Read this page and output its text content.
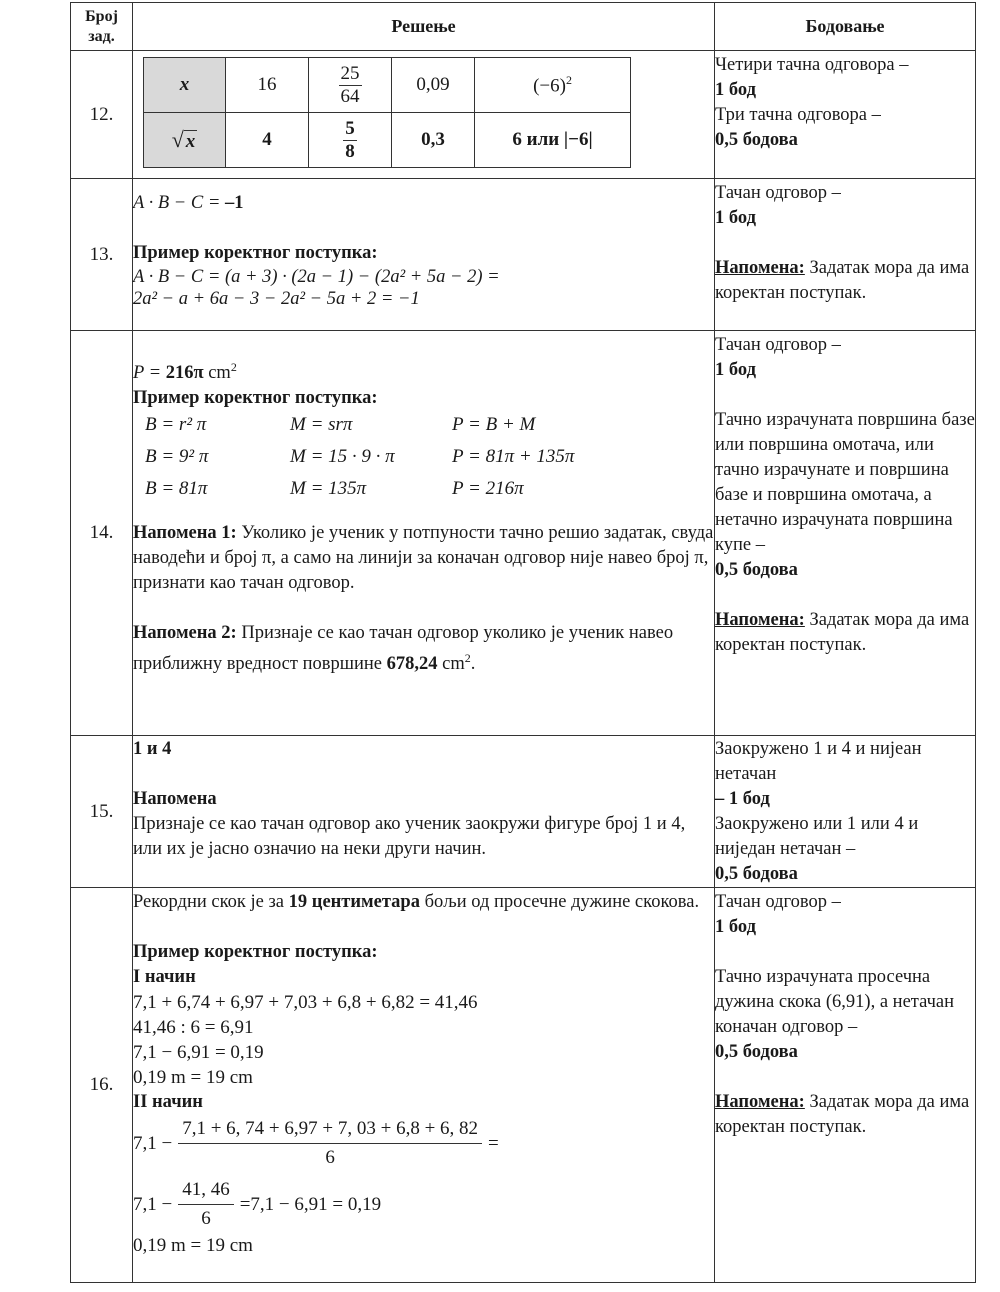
Број
зад.	Решење	Бодовање
12.	
x	16	$\frac{25}{64}$	0,09	$(-6)^2$

√ x	4	$\frac{5}{8}$	0,3	6 или |−6|

Четири тачна одговора –
1 бод
Три тачна одговора –
0,5 бодова

13.	
A · B − C = –1
Пример коректног поступка:
A · B − C = (a + 3) · (2a − 1) − (2a² + 5a − 2) =
2a² − a + 6a − 3 − 2a² − 5a + 2 = −1

Тачан одговор –
1 бод
Напомена: Задатак мора да има коректан поступак.

14.	
P = 216π $cm^2$
Пример коректног поступка:
B = r² π	M = srπ	P = B + M
B = 9² π	M = 15 · 9 · π	P = 81π + 135π
B = 81π	M = 135π	P = 216π
Напомена 1: Уколико је ученик у потпуности тачно решио задатак, свуда наводећи и број π, а само на линији за коначан одговор није навео број π, признати као тачан одговор.
Напомена 2: Признаје се као тачан одговор уколико је ученик навео приближну вредност површине 678,24 $cm^2$.

Тачан одговор –
1 бод
Тачно израчуната површина базе или површина омотача, или тачно израчунате и површина базе и површина омотача, а нетачно израчуната површина купе –
0,5 бодова
Напомена: Задатак мора да има коректан поступак.

15.	
1 и 4
Напомена
Признаје се као тачан одговор ако ученик заокружи фигуре број 1 и 4, или их је јасно означио на неки други начин.

Заокружено 1 и 4 и нијеан нетачан
– 1 бод
Заокружено или 1 или 4 и ниједан нетачан –
0,5 бодова

16.	
Рекордни скок је за 19 центиметара бољи од просечне дужине скокова.
Пример коректног поступка:
I начин
7,1 + 6,74 + 6,97 + 7,03 + 6,8 + 6,82 = 41,46
41,46 : 6 = 6,91
7,1 − 6,91 = 0,19
0,19 m = 19 cm
II начин
$7,1 - \frac{7,1 + 6, 74 + 6,97 + 7, 03 + 6,8 + 6, 82}{6}$ =
$7,1 - \frac{41, 46}{6} =7,1 - 6,91 = 0,19$
0,19 m = 19 cm

Тачан одговор –
1 бод
Тачно израчуната просечна дужина скока (6,91), а нетачан коначан одговор –
0,5 бодова
Напомена: Задатак мора да има коректан поступак.
